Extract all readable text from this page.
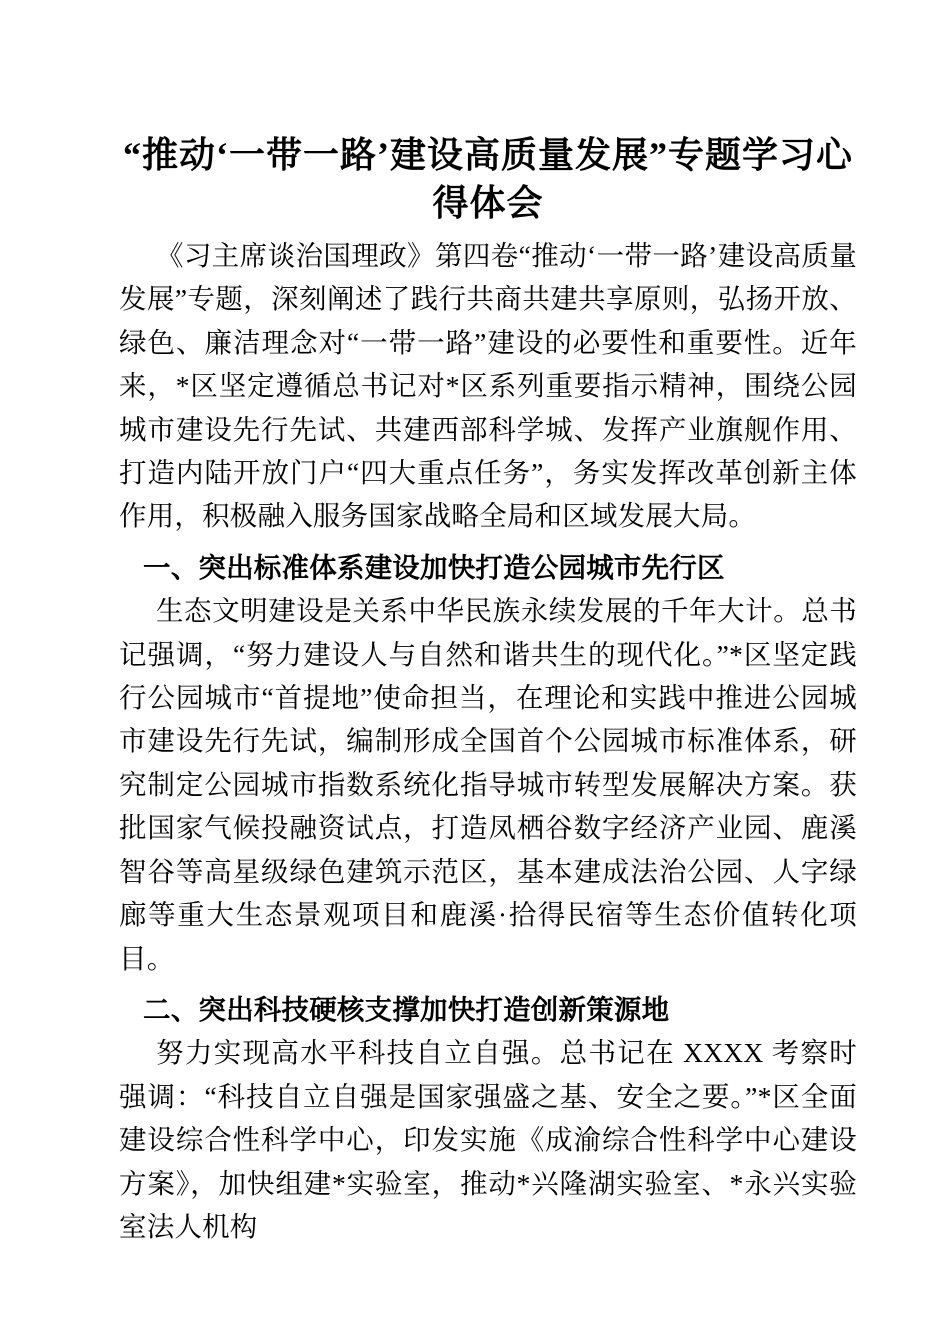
“推动‘一带一路’建设高质量发展”专题学习心得体会

《习主席谈治国理政》第四卷“推动‘一带一路’建设高质量发展”专题，深刻阐述了践行共商共建共享原则，弘扬开放、绿色、廉洁理念对“一带一路”建设的必要性和重要性。近年来，*区坚定遵循总书记对*区系列重要指示精神，围绕公园城市建设先行先试、共建西部科学城、发挥产业旗舰作用、打造内陆开放门户“四大重点任务”，务实发挥改革创新主体作用，积极融入服务国家战略全局和区域发展大局。

一、突出标准体系建设加快打造公园城市先行区

生态文明建设是关系中华民族永续发展的千年大计。总书记强调，“努力建设人与自然和谐共生的现代化。”*区坚定践行公园城市“首提地”使命担当，在理论和实践中推进公园城市建设先行先试，编制形成全国首个公园城市标准体系，研究制定公园城市指数系统化指导城市转型发展解决方案。获批国家气候投融资试点，打造凤栖谷数字经济产业园、鹿溪智谷等高星级绿色建筑示范区，基本建成法治公园、人字绿廊等重大生态景观项目和鹿溪·拾得民宿等生态价值转化项目。

二、突出科技硬核支撑加快打造创新策源地

努力实现高水平科技自立自强。总书记在 XXXX 考察时强调：“科技自立自强是国家强盛之基、安全之要。”*区全面建设综合性科学中心，印发实施《成渝综合性科学中心建设方案》，加快组建*实验室，推动*兴隆湖实验室、*永兴实验室法人机构
